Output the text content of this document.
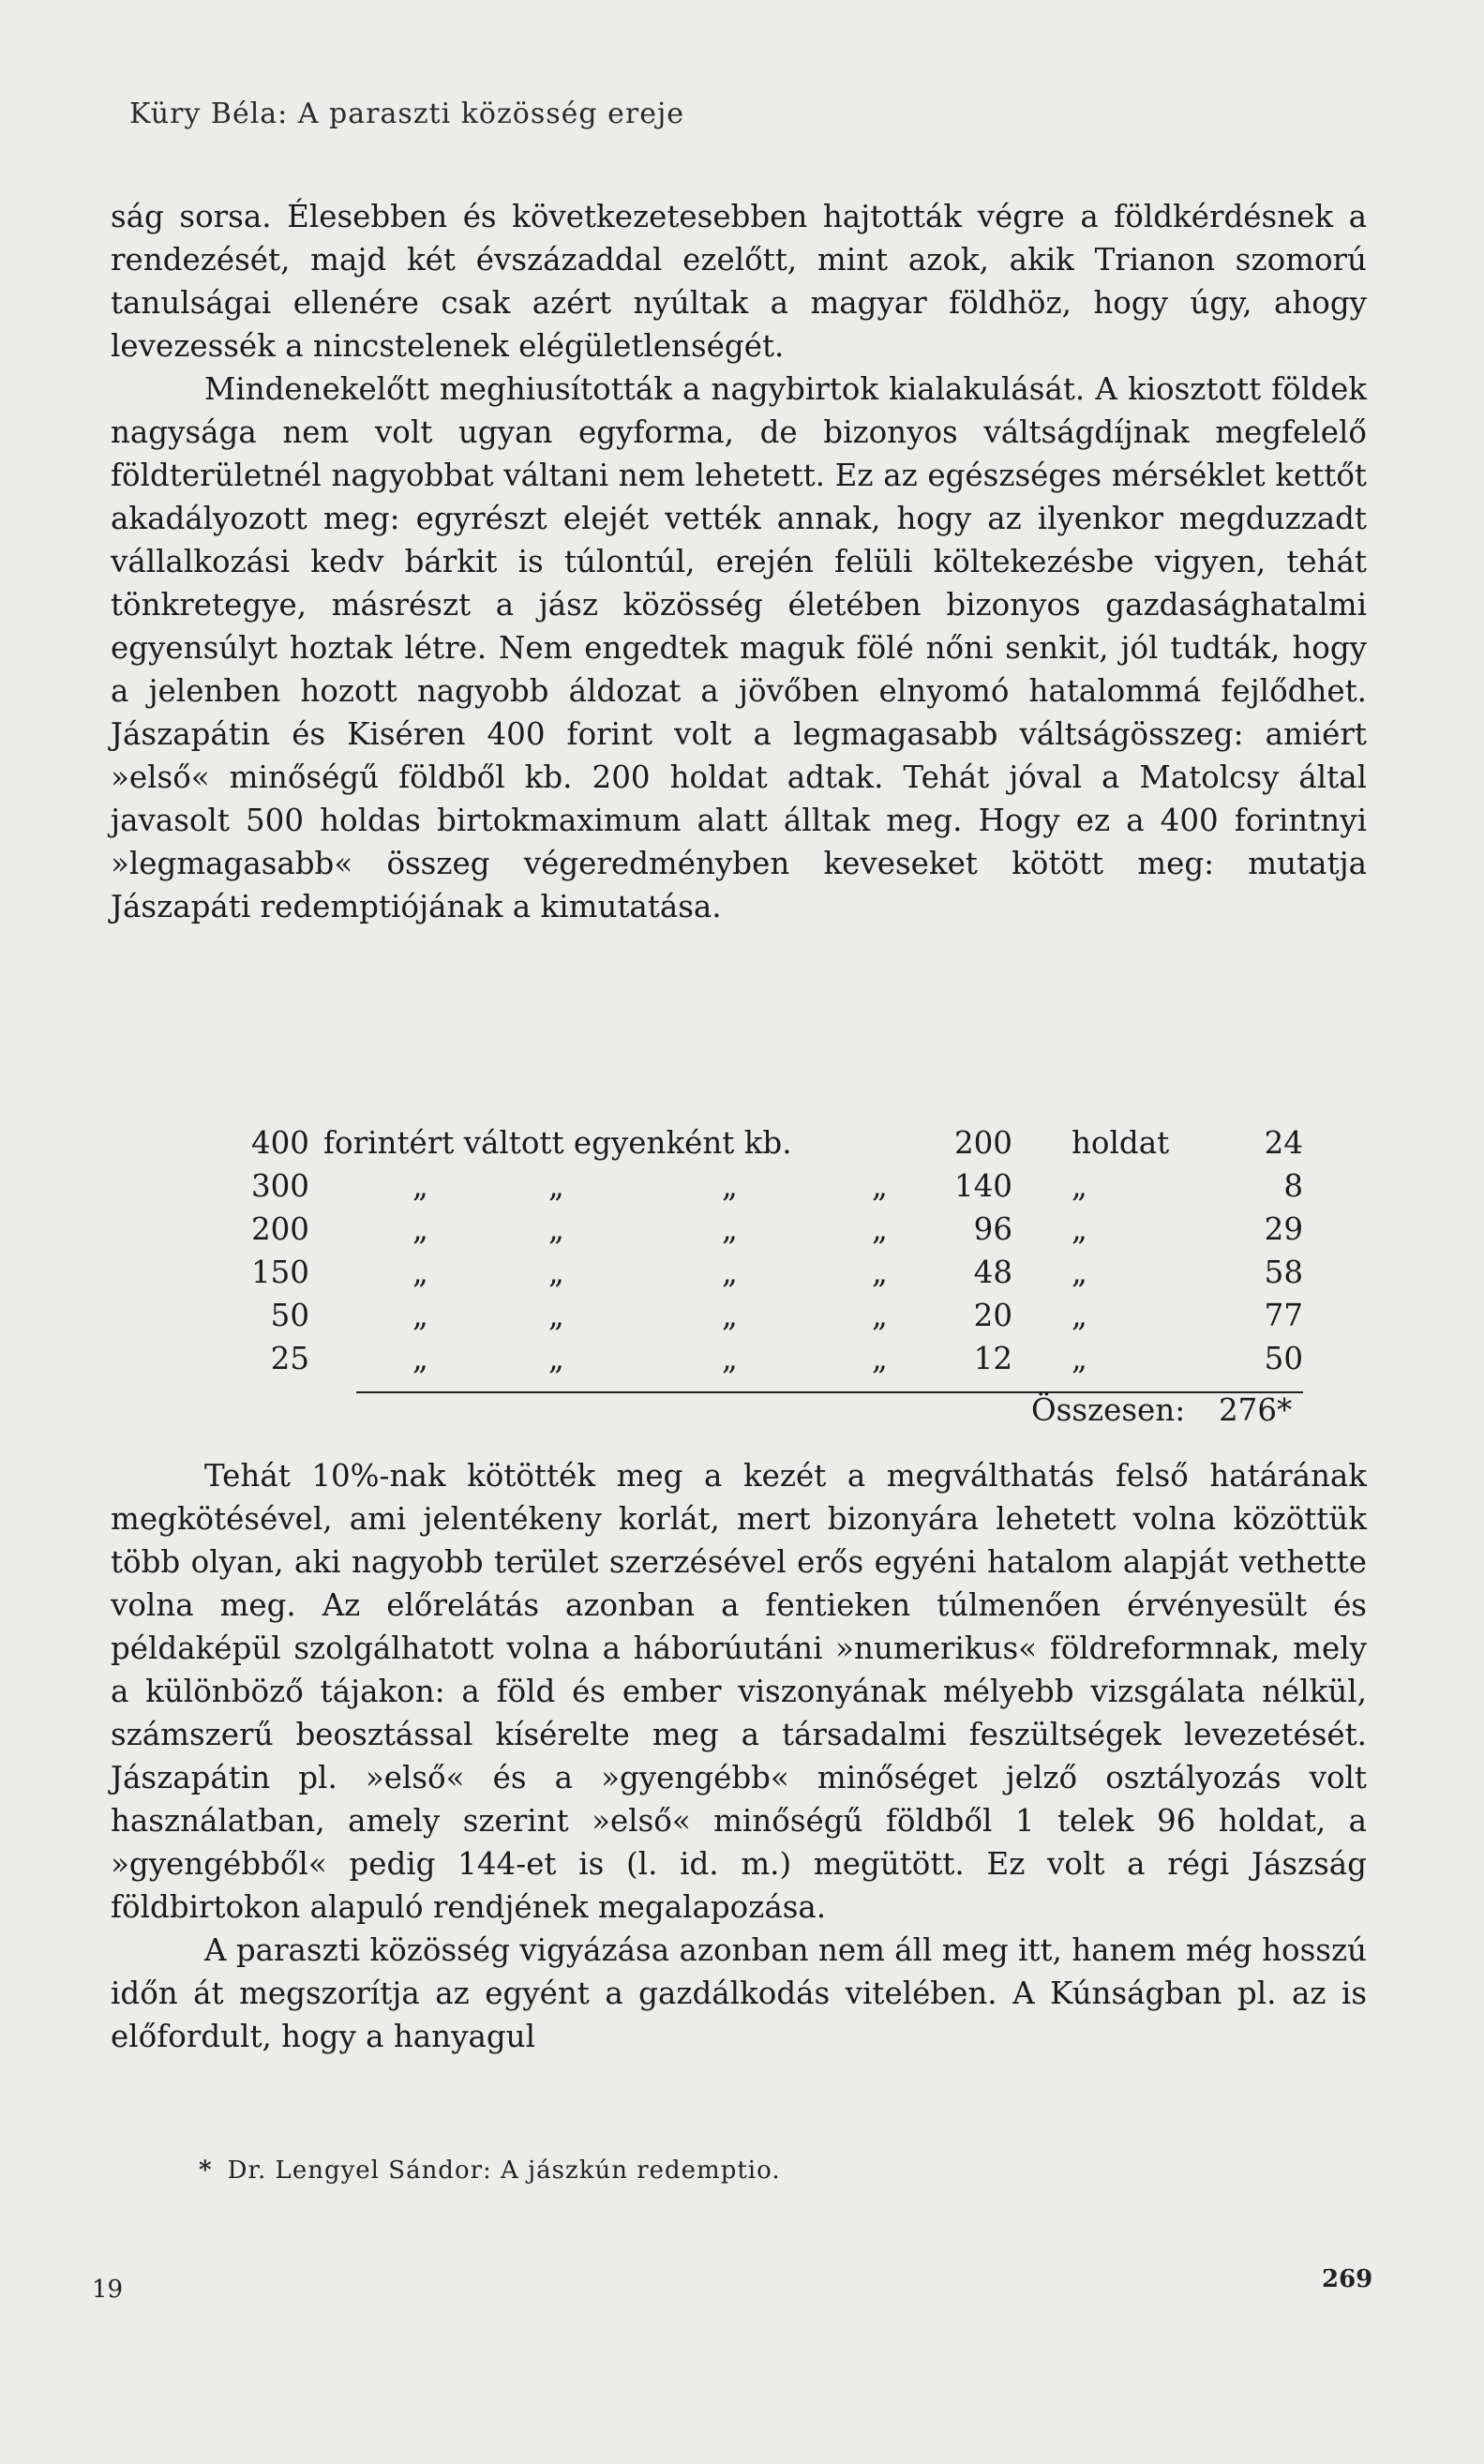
Küry Béla: A paraszti közösség ereje

ság sorsa. Élesebben és következetesebben hajtották végre a földkérdésnek a rendezését, majd két évszázaddal ezelőtt, mint azok, akik Trianon szomorú tanulságai ellenére csak azért nyúltak a magyar földhöz, hogy úgy, ahogy levezessék a nincstelenek elégületlenségét.

Mindenekelőtt meghiusították a nagybirtok kialakulását. A kiosztott földek nagysága nem volt ugyan egyforma, de bizonyos váltságdíjnak megfelelő földterületnél nagyobbat váltani nem lehetett. Ez az egészséges mérséklet kettőt akadályozott meg: egyrészt elejét vették annak, hogy az ilyenkor megduzzadt vállalkozási kedv bárkit is túlontúl, erején felüli költekezésbe vigyen, tehát tönkretegye, másrészt a jász közösség életében bizonyos gazdasághatalmi egyensúlyt hoztak létre. Nem engedtek maguk fölé nőni senkit, jól tudták, hogy a jelenben hozott nagyobb áldozat a jövőben elnyomó hatalommá fejlődhet. Jászapátin és Kiséren 400 forint volt a legmagasabb váltságösszeg: amiért »első« minőségű földből kb. 200 holdat adtak. Tehát jóval a Matolcsy által javasolt 500 holdas birtokmaximum alatt álltak meg. Hogy ez a 400 forintnyi »legmagasabb« összeg végeredményben keveseket kötött meg: mutatja Jászapáti redemptiójának a kimutatása.

400 forintért váltott egyenként kb.	200 holdat	24
300	„	„	„	„	140 „	8
200	„	„	„	„	96 „	29
150	„	„	„	„	48 „	58
50	„	„	„	„	20 „	77
25	„	„	„	„	12 „	50
Összesen: 276*

Tehát 10%-nak kötötték meg a kezét a megválthatás felső határának megkötésével, ami jelentékeny korlát, mert bizonyára lehetett volna közöttük több olyan, aki nagyobb terület szerzésével erős egyéni hatalom alapját vethette volna meg. Az előrelátás azonban a fentieken túlmenően érvényesült és példaképül szolgálhatott volna a háborúutáni »numerikus« földreformnak, mely a különböző tájakon: a föld és ember viszonyának mélyebb vizsgálata nélkül, számszerű beosztással kísérelte meg a társadalmi feszültségek levezetését. Jászapátin pl. »első« és a »gyengébb« minőséget jelző osztályozás volt használatban, amely szerint »első« minőségű földből 1 telek 96 holdat, a »gyengébből« pedig 144-et is (l. id. m.) megütött. Ez volt a régi Jászság földbirtokon alapuló rendjének megalapozása.

A paraszti közösség vigyázása azonban nem áll meg itt, hanem még hosszú időn át megszorítja az egyént a gazdálkodás vitelében. A Kúnságban pl. az is előfordult, hogy a hanyagul

* Dr. Lengyel Sándor: A jászkún redemptio.
19	269
